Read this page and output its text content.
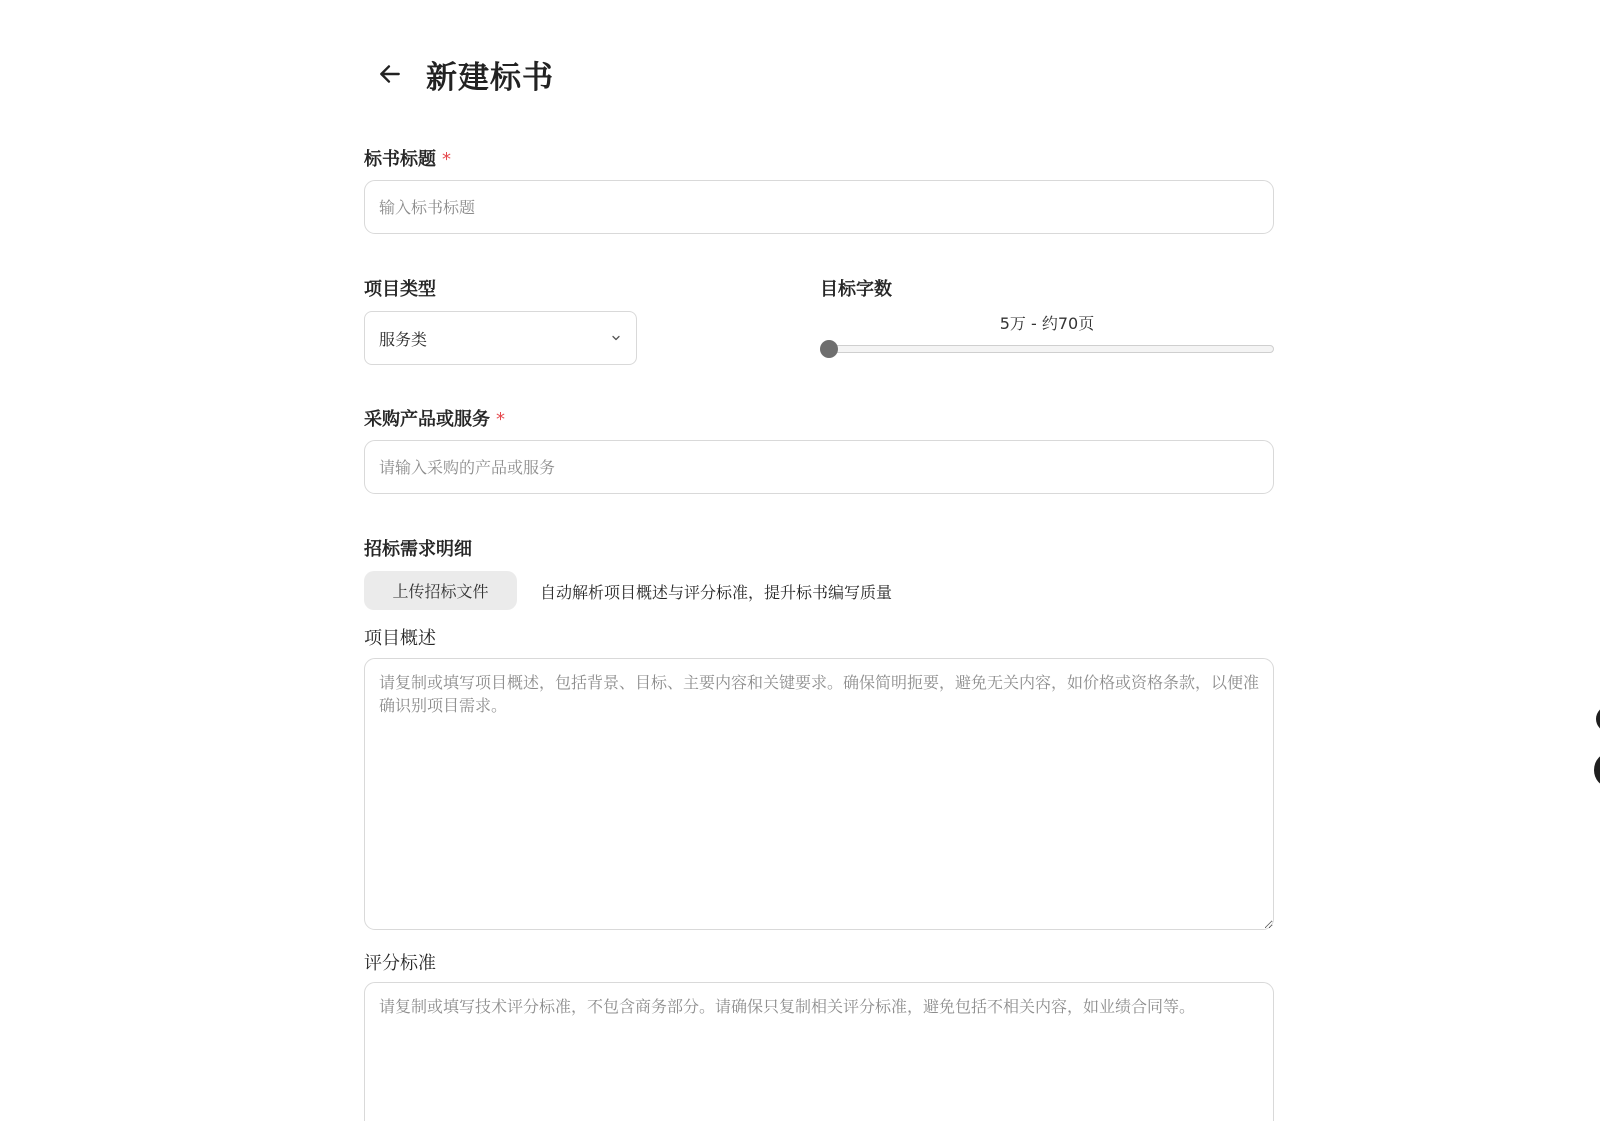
新建标书
标书标题 *
输入标书标题
项目类型
服务类
目标字数
5万 - 约70页
采购产品或服务 *
请输入采购的产品或服务
招标需求明细
上传招标文件	自动解析项目概述与评分标准，提升标书编写质量
项目概述
请复制或填写项目概述，包括背景、目标、主要内容和关键要求。确保简明扼要，避免无关内容，如价格或资格条款，以便准确识别项目需求。
评分标准
请复制或填写技术评分标准，不包含商务部分。请确保只复制相关评分标准，避免包括不相关内容，如业绩合同等。
